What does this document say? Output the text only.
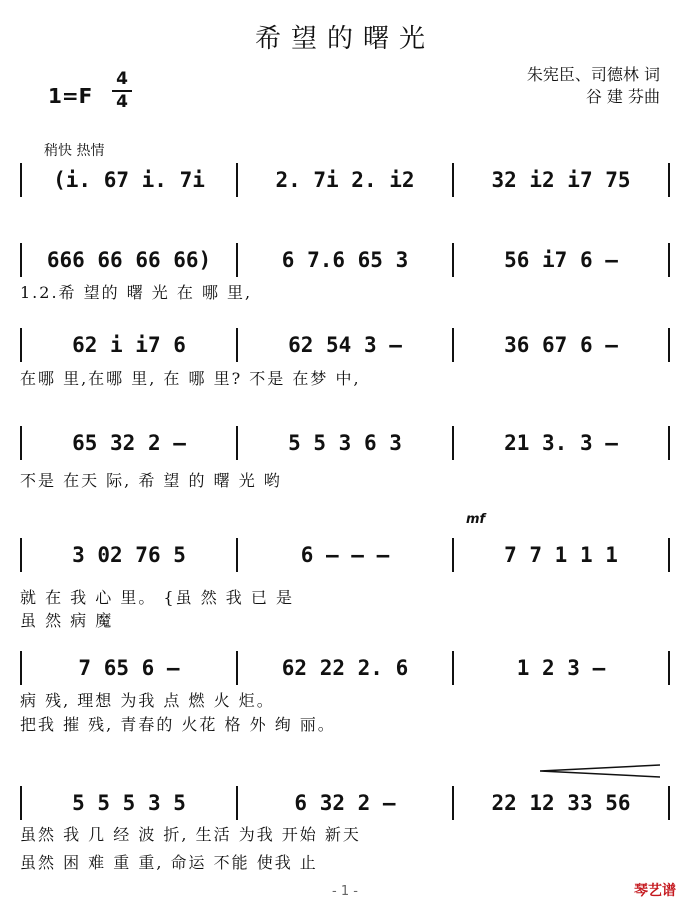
希望的曙光
1=F
4
4
朱宪臣、司德林 词
谷 建 芬曲
稍快 热情
mf
(i. 67 i. 7i	2. 7i 2. i2	32 i2 i7 75
666 66 66 66)	6 7.6 65 3	56 i7 6 —
1.2.希 望的 曙 光 在 哪 里,
62 i i7 6	62 54 3 —	36 67 6 —
在哪 里,在哪 里, 在 哪 里? 不是 在梦 中,
65 32 2 —	5 5 3 6 3	21 3. 3 —
不是 在天 际, 希 望 的 曙 光 哟
3 02 76 5	6 — — —	7 7 1 1 1
就 在 我 心 里。 {虽 然 我 已 是
虽 然 病 魔
7 65 6 —	62 22 2. 6	1 2 3 —
病 残, 理想 为我 点 燃 火 炬。
把我 摧 残, 青春的 火花 格 外 绚 丽。
5 5 5 3 5	6 32 2 —	22 12 33 56
虽然 我 几 经 波 折, 生活 为我 开始 新天
虽然 困 难 重 重, 命运 不能 使我 止
- 1 -	琴艺谱
